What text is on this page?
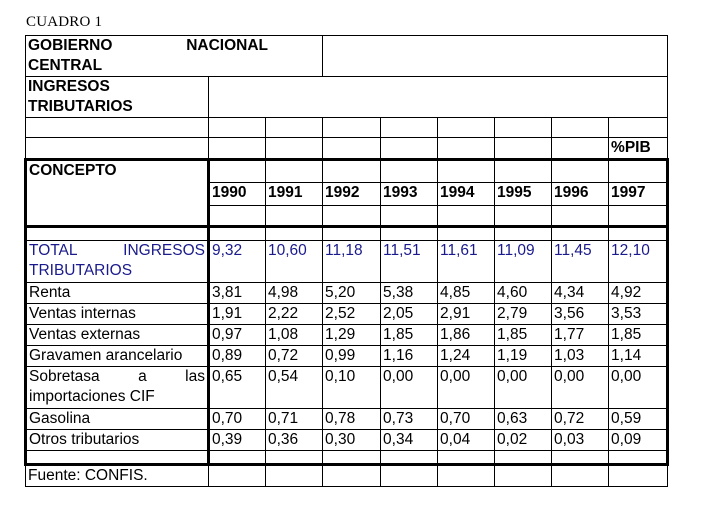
CUADRO 1
GOBIERNO NACIONAL
CENTRAL								

INGRESOS
TRIBUTARIOS								

								%PIB
CONCEPTO								
	1990	1991	1992	1993	1994	1995	1996	1997

TOTAL INGRESOS
TRIBUTARIOS	9,32	10,60	11,18	11,51	11,61	11,09	11,45	12,10
Renta	3,81	4,98	5,20	5,38	4,85	4,60	4,34	4,92
Ventas internas	1,91	2,22	2,52	2,05	2,91	2,79	3,56	3,53
Ventas externas	0,97	1,08	1,29	1,85	1,86	1,85	1,77	1,85
Gravamen arancelario	0,89	0,72	0,99	1,16	1,24	1,19	1,03	1,14

Sobretasa a las
importaciones CIF	0,65	0,54	0,10	0,00	0,00	0,00	0,00	0,00
Gasolina	0,70	0,71	0,78	0,73	0,70	0,63	0,72	0,59
Otros tributarios	0,39	0,36	0,30	0,34	0,04	0,02	0,03	0,09

Fuente: CONFIS.								
